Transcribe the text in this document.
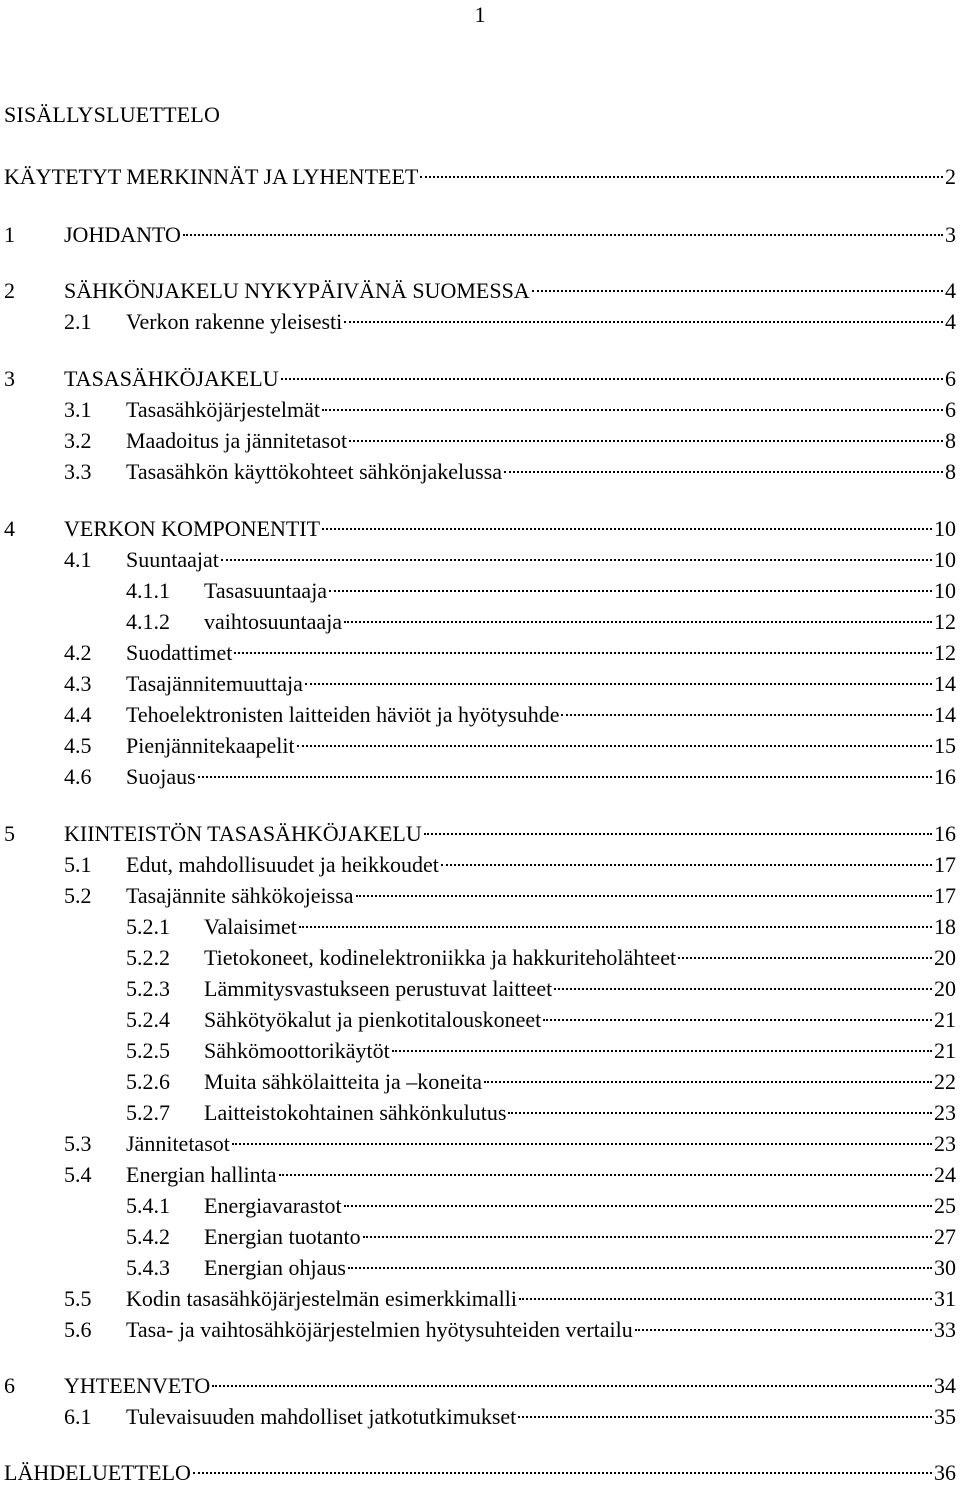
1
SISÄLLYSLUETTELO
KÄYTETYT MERKINNÄT JA LYHENTEET	2
1	JOHDANTO	3
2	SÄHKÖNJAKELU NYKYPÄIVÄNÄ SUOMESSA	4
2.1	Verkon rakenne yleisesti	4
3	TASASÄHKÖJAKELU	6
3.1	Tasasähköjärjestelmät	6
3.2	Maadoitus ja jännitetasot	8
3.3	Tasasähkön käyttökohteet sähkönjakelussa	8
4	VERKON KOMPONENTIT	10
4.1	Suuntaajat	10
4.1.1	Tasasuuntaaja	10
4.1.2	vaihtosuuntaaja	12
4.2	Suodattimet	12
4.3	Tasajännitemuuttaja	14
4.4	Tehoelektronisten laitteiden häviöt ja hyötysuhde	14
4.5	Pienjännitekaapelit	15
4.6	Suojaus	16
5	KIINTEISTÖN TASASÄHKÖJAKELU	16
5.1	Edut, mahdollisuudet ja heikkoudet	17
5.2	Tasajännite sähkökojeissa	17
5.2.1	Valaisimet	18
5.2.2	Tietokoneet, kodinelektroniikka ja hakkuriteholähteet	20
5.2.3	Lämmitysvastukseen perustuvat laitteet	20
5.2.4	Sähkötyökalut ja pienkotitalouskoneet	21
5.2.5	Sähkömoottorikäytöt	21
5.2.6	Muita sähkölaitteita ja –koneita	22
5.2.7	Laitteistokohtainen sähkönkulutus	23
5.3	Jännitetasot	23
5.4	Energian hallinta	24
5.4.1	Energiavarastot	25
5.4.2	Energian tuotanto	27
5.4.3	Energian ohjaus	30
5.5	Kodin tasasähköjärjestelmän esimerkkimalli	31
5.6	Tasa- ja vaihtosähköjärjestelmien hyötysuhteiden vertailu	33
6	YHTEENVETO	34
6.1	Tulevaisuuden mahdolliset jatkotutkimukset	35
LÄHDELUETTELO	36
